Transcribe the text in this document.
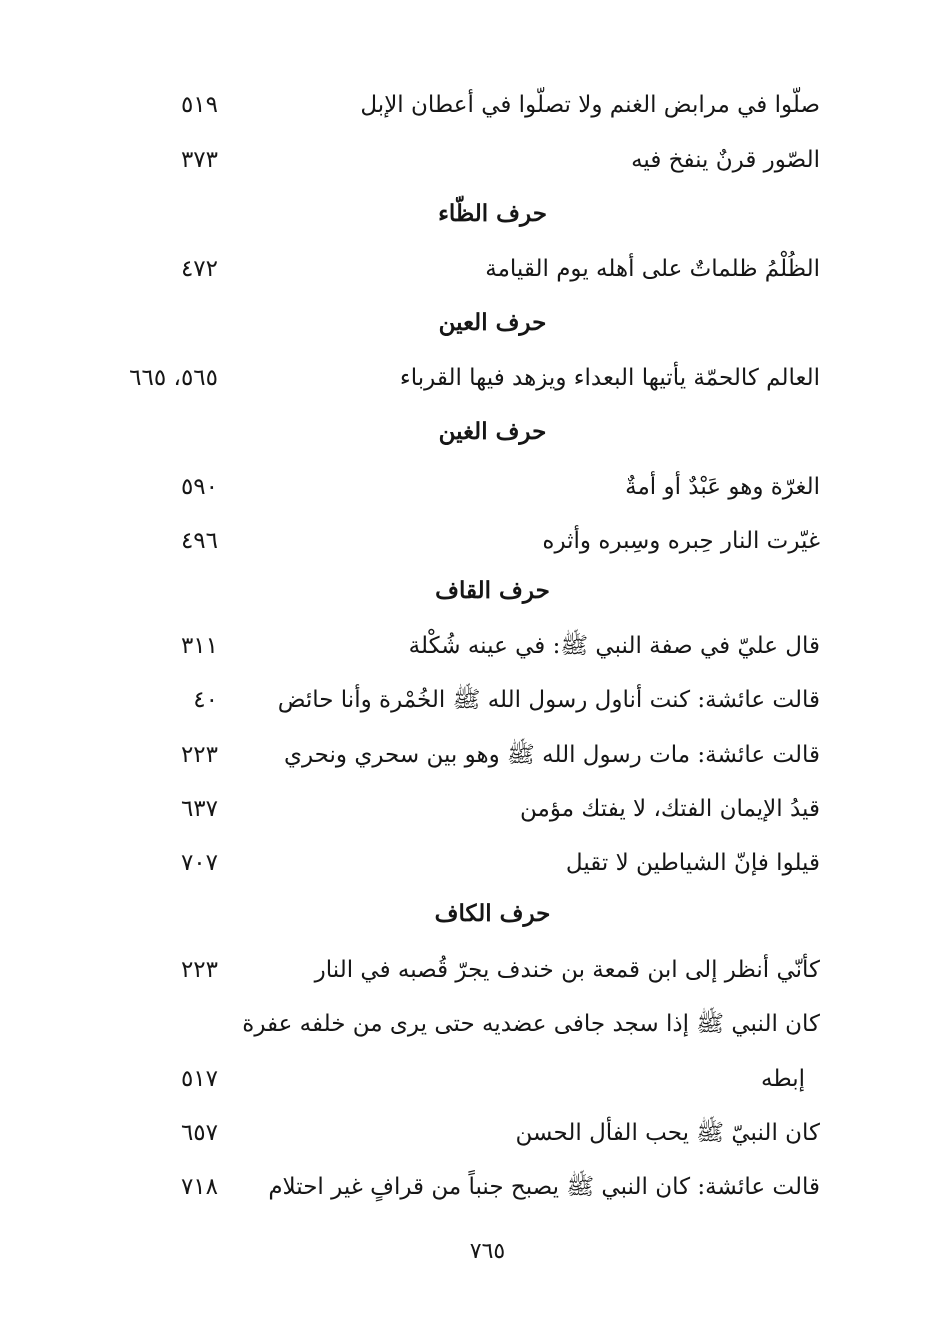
صلّوا في مرابض الغنم ولا تصلّوا في أعطان الإبل
٥١٩
الصّور قرنٌ ينفخ فيه
٣٧٣
حرف الظّاء
الظُلْمُ ظلماتٌ على أهله يوم القيامة
٤٧٢
حرف العين
العالم كالحمّة يأتيها البعداء ويزهد فيها القرباء
٥٦٥، ٦٦٥
حرف الغين
الغرّة وهو عَبْدٌ أو أمةٌ
٥٩٠
غيّرت النار حِبره وسِبره وأثره
٤٩٦
حرف القاف
قال عليّ في صفة النبي ﷺ: في عينه شُكْلة
٣١١
قالت عائشة: كنت أناول رسول الله ﷺ الخُمْرة وأنا حائض
٤٠
قالت عائشة: مات رسول الله ﷺ وهو بين سحري ونحري
٢٢٣
قيدُ الإيمان الفتك، لا يفتك مؤمن
٦٣٧
قيلوا فإنّ الشياطين لا تقيل
٧٠٧
حرف الكاف
كأنّي أنظر إلى ابن قمعة بن خندف يجرّ قُصبه في النار
٢٢٣
كان النبي ﷺ إذا سجد جافى عضديه حتى يرى من خلفه عفرة
إبطه
٥١٧
كان النبيّ ﷺ يحب الفأل الحسن
٦٥٧
قالت عائشة: كان النبي ﷺ يصبح جنباً من قرافٍ غير احتلام
٧١٨
٧٦٥
